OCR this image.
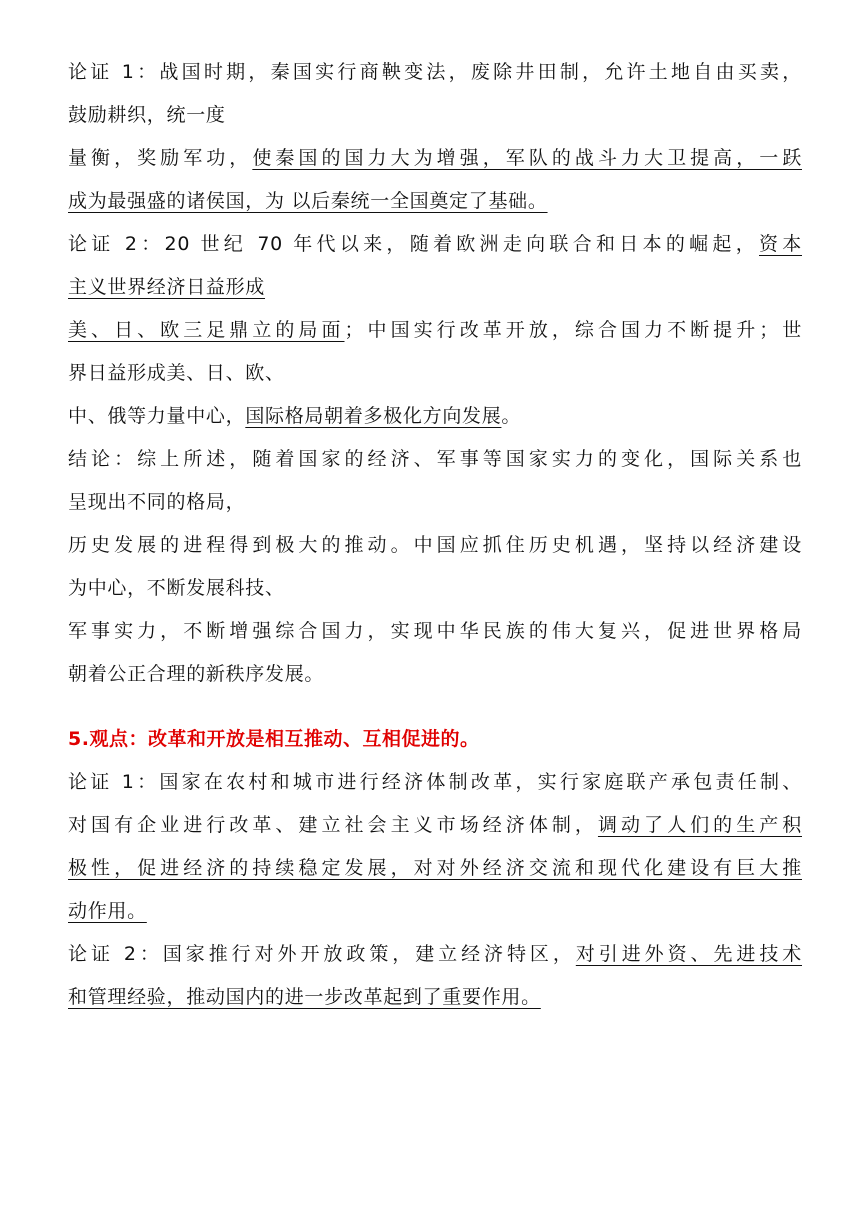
论证 1：战国时期，秦国实行商鞅变法，废除井田制，允许土地自由买卖，
鼓励耕织，统一度
量衡，奖励军功，使秦国的国力大为增强，军队的战斗力大卫提高，一跃
成为最强盛的诸侯国，为 以后秦统一全国奠定了基础。
论证 2：20 世纪 70 年代以来，随着欧洲走向联合和日本的崛起，资本
主义世界经济日益形成
美、日、欧三足鼎立的局面；中国实行改革开放，综合国力不断提升；世
界日益形成美、日、欧、
中、俄等力量中心，国际格局朝着多极化方向发展。
结论：综上所述，随着国家的经济、军事等国家实力的变化，国际关系也
呈现出不同的格局，
历史发展的进程得到极大的推动。中国应抓住历史机遇，坚持以经济建设
为中心，不断发展科技、
军事实力，不断增强综合国力，实现中华民族的伟大复兴，促进世界格局
朝着公正合理的新秩序发展。
5.观点：改革和开放是相互推动、互相促进的。
论证 1：国家在农村和城市进行经济体制改革，实行家庭联产承包责任制、
对国有企业进行改革、建立社会主义市场经济体制，调动了人们的生产积
极性，促进经济的持续稳定发展，对对外经济交流和现代化建设有巨大推
动作用。
论证 2：国家推行对外开放政策，建立经济特区，对引进外资、先进技术
和管理经验，推动国内的进一步改革起到了重要作用。
